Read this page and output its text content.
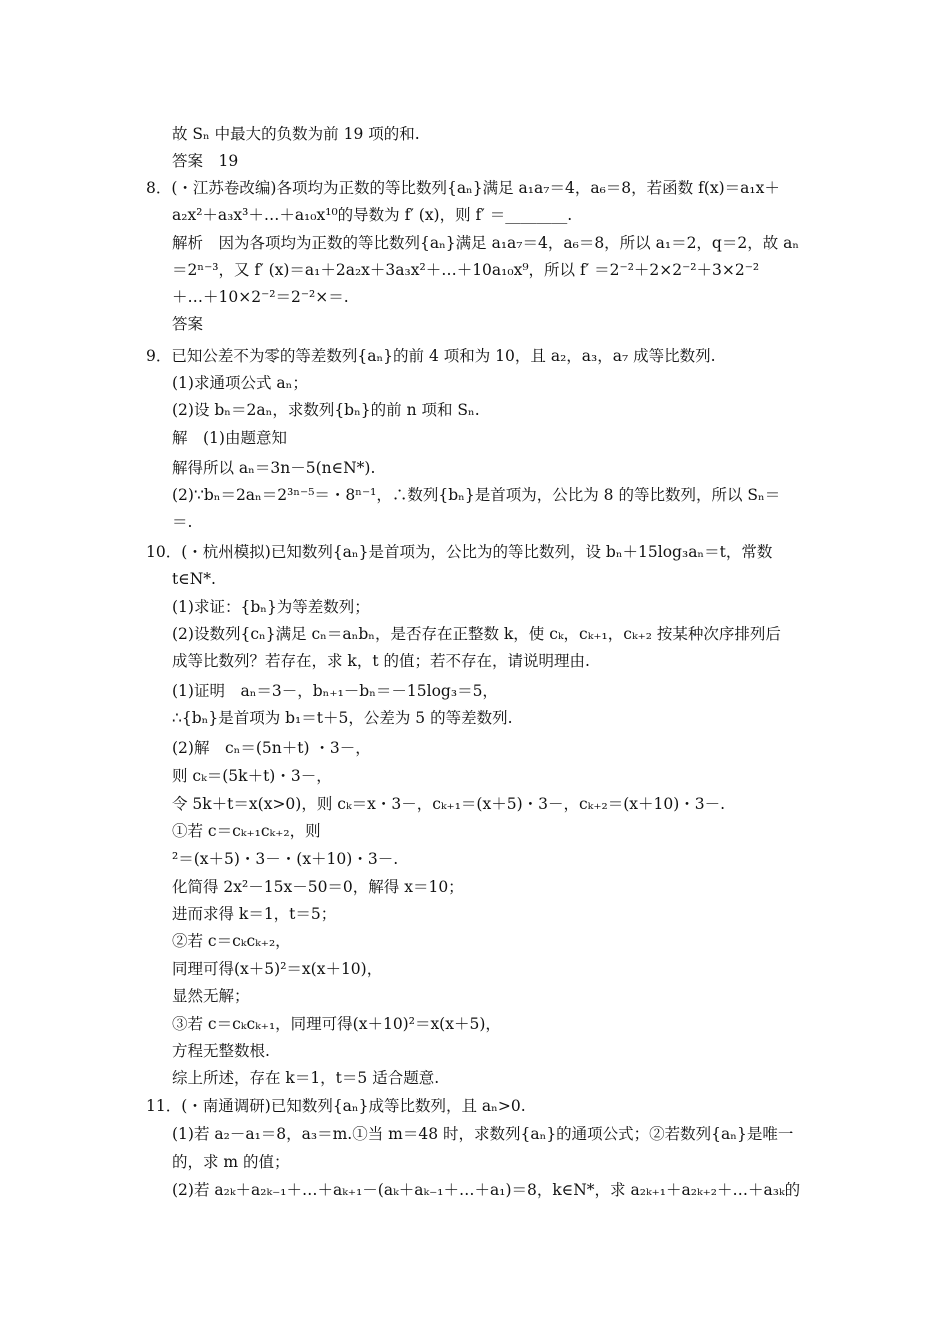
故 Sₙ 中最大的负数为前 19 项的和.
答案　19
8．(・江苏卷改编)各项均为正数的等比数列{aₙ}满足 a₁a₇＝4，a₆＝8，若函数 f(x)＝a₁x＋
a₂x²＋a₃x³＋…＋a₁₀x¹⁰的导数为 f′ (x)，则 f′ ＝________.
解析　因为各项均为正数的等比数列{aₙ}满足 a₁a₇＝4，a₆＝8，所以 a₁＝2，q＝2，故 aₙ
＝2ⁿ⁻³，又 f′ (x)＝a₁＋2a₂x＋3a₃x²＋…＋10a₁₀x⁹，所以 f′ ＝2⁻²＋2×2⁻²＋3×2⁻²
＋…＋10×2⁻²＝2⁻²×＝.
答案
9．已知公差不为零的等差数列{aₙ}的前 4 项和为 10，且 a₂，a₃，a₇ 成等比数列.
(1)求通项公式 aₙ；
(2)设 bₙ＝2aₙ，求数列{bₙ}的前 n 项和 Sₙ.
解　(1)由题意知
解得所以 aₙ＝3n－5(n∈N*).
(2)∵bₙ＝2aₙ＝2³ⁿ⁻⁵＝・8ⁿ⁻¹，∴数列{bₙ}是首项为，公比为 8 的等比数列，所以 Sₙ＝
＝.
10．(・杭州模拟)已知数列{aₙ}是首项为，公比为的等比数列，设 bₙ＋15log₃aₙ＝t，常数
t∈N*.
(1)求证：{bₙ}为等差数列；
(2)设数列{cₙ}满足 cₙ＝aₙbₙ，是否存在正整数 k，使 cₖ，cₖ₊₁，cₖ₊₂ 按某种次序排列后
成等比数列？若存在，求 k，t 的值；若不存在，请说明理由.
(1)证明　aₙ＝3－，bₙ₊₁－bₙ＝－15log₃＝5，
∴{bₙ}是首项为 b₁＝t＋5，公差为 5 的等差数列.
(2)解　cₙ＝(5n＋t) ・3－，
则 cₖ＝(5k＋t)・3－，
令 5k＋t＝x(x>0)，则 cₖ＝x・3－，cₖ₊₁＝(x＋5)・3－，cₖ₊₂＝(x＋10)・3－.
①若 c＝cₖ₊₁cₖ₊₂，则
²＝(x＋5)・3－・(x＋10)・3－.
化简得 2x²－15x－50＝0，解得 x＝10；
进而求得 k＝1，t＝5；
②若 c＝cₖcₖ₊₂，
同理可得(x＋5)²＝x(x＋10)，
显然无解；
③若 c＝cₖcₖ₊₁，同理可得(x＋10)²＝x(x＋5)，
方程无整数根.
综上所述，存在 k＝1，t＝5 适合题意.
11．(・南通调研)已知数列{aₙ}成等比数列，且 aₙ>0.
(1)若 a₂－a₁＝8，a₃＝m.①当 m＝48 时，求数列{aₙ}的通项公式；②若数列{aₙ}是唯一
的，求 m 的值；
(2)若 a₂ₖ＋a₂ₖ₋₁＋…＋aₖ₊₁－(aₖ＋aₖ₋₁＋…＋a₁)＝8，k∈N*，求 a₂ₖ₊₁＋a₂ₖ₊₂＋…＋a₃ₖ的
